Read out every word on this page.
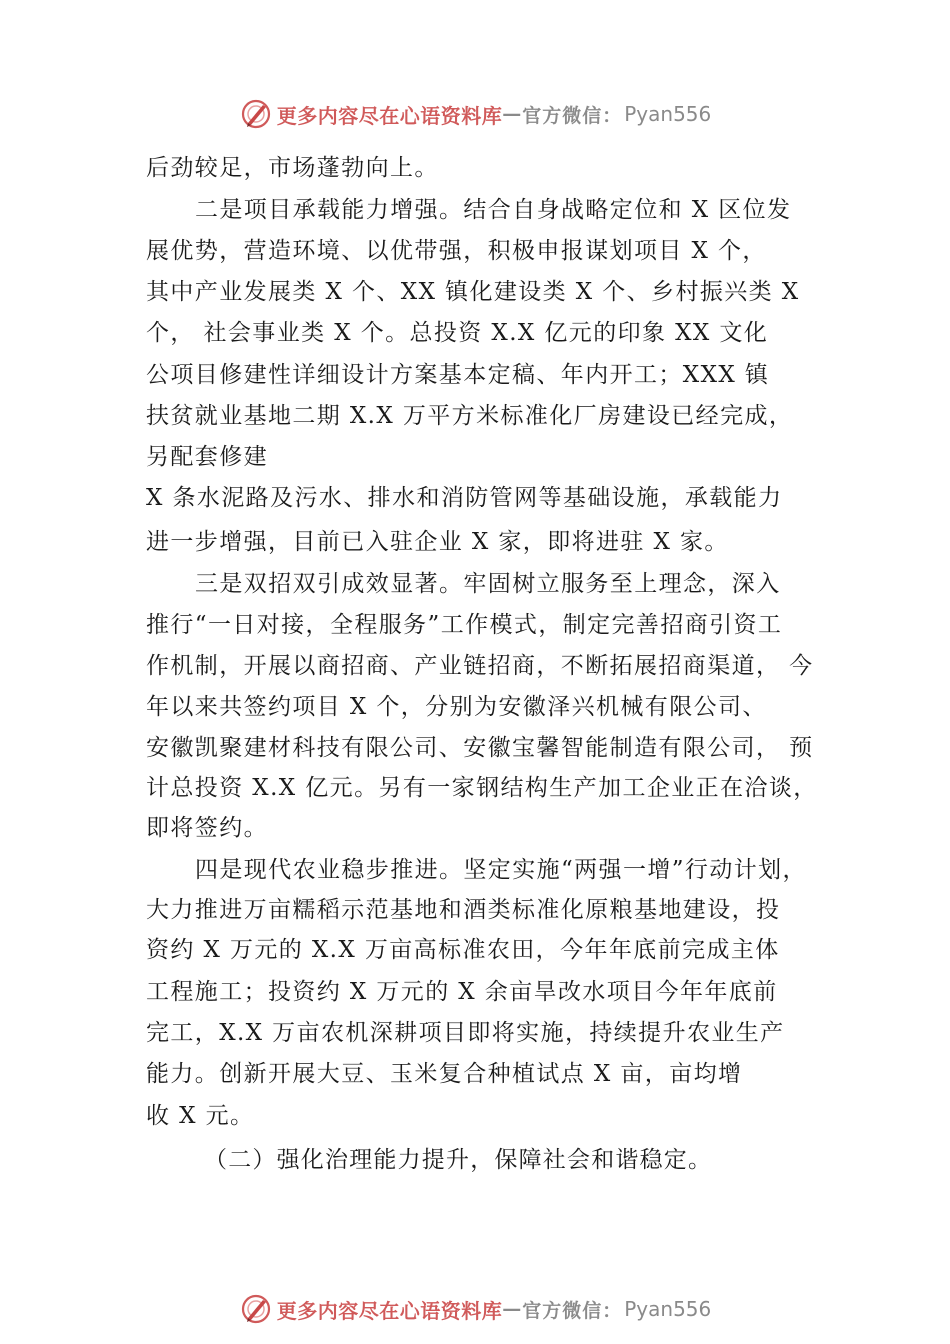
更多内容尽在心语资料库 — 官方微信： Pyan556
后劲较足，市场蓬勃向上。
二是项目承载能力增强。结合自身战略定位和 X 区位发
展优势，营造环境、以优带强，积极申报谋划项目 X 个，
其中产业发展类 X 个、XX 镇化建设类 X 个、乡村振兴类 X
个， 社会事业类 X 个。总投资 X.X 亿元的印象 XX 文化
公项目修建性详细设计方案基本定稿、年内开工；XXX 镇
扶贫就业基地二期 X.X 万平方米标准化厂房建设已经完成，
另配套修建
X 条水泥路及污水、排水和消防管网等基础设施，承载能力
进一步增强，目前已入驻企业 X 家，即将进驻 X 家。
三是双招双引成效显著。牢固树立服务至上理念，深入
推行“一日对接，全程服务”工作模式，制定完善招商引资工
作机制，开展以商招商、产业链招商，不断拓展招商渠道， 今
年以来共签约项目 X 个，分别为安徽泽兴机械有限公司、
安徽凯聚建材科技有限公司、安徽宝馨智能制造有限公司， 预
计总投资 X.X 亿元。另有一家钢结构生产加工企业正在洽谈，
即将签约。
四是现代农业稳步推进。坚定实施“两强一增”行动计划，
大力推进万亩糯稻示范基地和酒类标准化原粮基地建设，投
资约 X 万元的 X.X 万亩高标准农田，今年年底前完成主体
工程施工；投资约 X 万元的 X 余亩旱改水项目今年年底前
完工，X.X 万亩农机深耕项目即将实施，持续提升农业生产
能力。创新开展大豆、玉米复合种植试点 X 亩，亩均增
收 X 元。
（二）强化治理能力提升，保障社会和谐稳定。
更多内容尽在心语资料库 — 官方微信： Pyan556
